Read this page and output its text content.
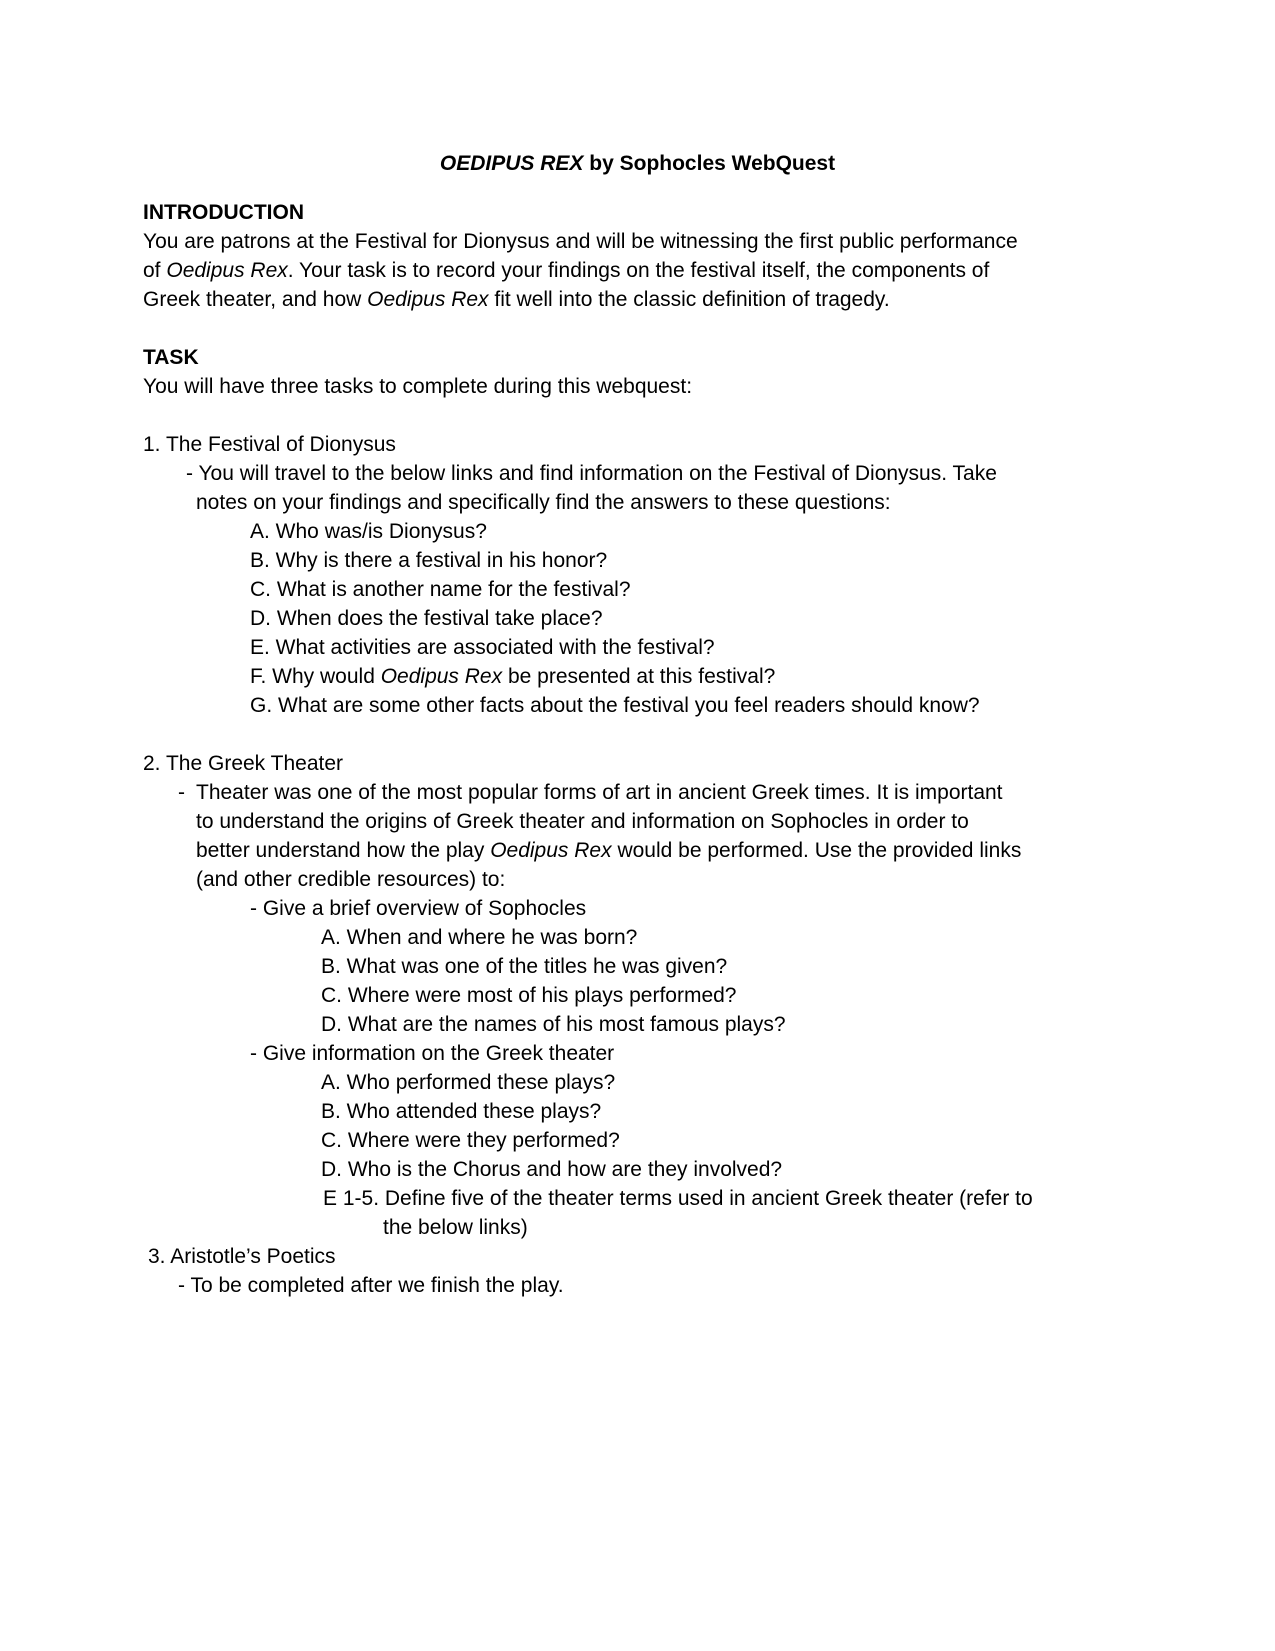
OEDIPUS REX by Sophocles WebQuest
INTRODUCTION
You are patrons at the Festival for Dionysus and will be witnessing the first public performance
of Oedipus Rex. Your task is to record your findings on the festival itself, the components of
Greek theater, and how Oedipus Rex fit well into the classic definition of tragedy.
TASK
You will have three tasks to complete during this webquest:
1. The Festival of Dionysus
- You will travel to the below links and find information on the Festival of Dionysus. Take
notes on your findings and specifically find the answers to these questions:
A. Who was/is Dionysus?
B. Why is there a festival in his honor?
C. What is another name for the festival?
D. When does the festival take place?
E. What activities are associated with the festival?
F. Why would Oedipus Rex be presented at this festival?
G. What are some other facts about the festival you feel readers should know?
2. The Greek Theater
- Theater was one of the most popular forms of art in ancient Greek times. It is important
to understand the origins of Greek theater and information on Sophocles in order to
better understand how the play Oedipus Rex would be performed. Use the provided links
(and other credible resources) to:
- Give a brief overview of Sophocles
A. When and where he was born?
B. What was one of the titles he was given?
C. Where were most of his plays performed?
D. What are the names of his most famous plays?
- Give information on the Greek theater
A. Who performed these plays?
B. Who attended these plays?
C. Where were they performed?
D. Who is the Chorus and how are they involved?
E 1-5. Define five of the theater terms used in ancient Greek theater (refer to
the below links)
3. Aristotle’s Poetics
- To be completed after we finish the play.
